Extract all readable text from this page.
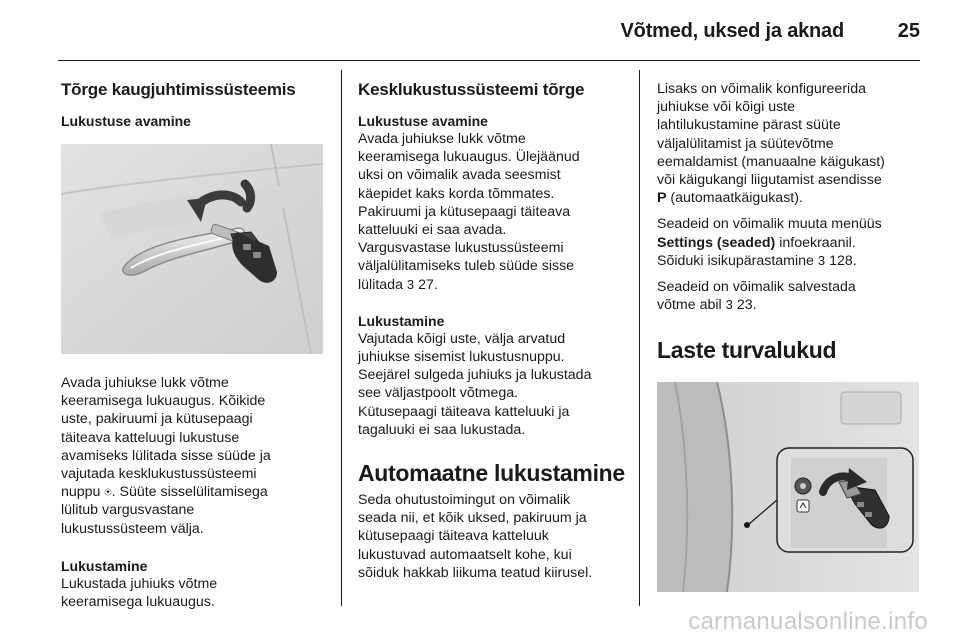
Võtmed, uksed ja aknad	25
Tõrge kaugjuhtimissüsteemis
Lukustuse avamine

Avada juhiukse lukk võtme
keeramisega lukuaugus. Kõikide
uste, pakiruumi ja kütusepaagi
täiteava katteluugi lukustuse
avamiseks lülitada sisse süüde ja
vajutada kesklukustussüsteemi
nuppu ⍟. Süüte sisselülitamisega
lülitub vargusvastane
lukustussüsteem välja.

Lukustamine

Lukustada juhiuks võtme
keeramisega lukuaugus.

Kesklukustussüsteemi tõrge
Lukustuse avamine

Avada juhiukse lukk võtme
keeramisega lukuaugus. Ülejäänud
uksi on võimalik avada seesmist
käepidet kaks korda tõmmates.
Pakiruumi ja kütusepaagi täiteava
katteluuki ei saa avada.
Vargusvastase lukustussüsteemi
väljalülitamiseks tuleb süüde sisse
lülitada 3 27.

Lukustamine

Vajutada kõigi uste, välja arvatud
juhiukse sisemist lukustusnuppu.
Seejärel sulgeda juhiuks ja lukustada
see väljastpoolt võtmega.
Kütusepaagi täiteava katteluuki ja
tagaluuki ei saa lukustada.

Automaatne lukustamine

Seda ohutustoimingut on võimalik
seada nii, et kõik uksed, pakiruum ja
kütusepaagi täiteava katteluuk
lukustuvad automaatselt kohe, kui
sõiduk hakkab liikuma teatud kiirusel.

Lisaks on võimalik konfigureerida
juhiukse või kõigi uste
lahtilukustamine pärast süüte
väljalülitamist ja süütevõtme
eemaldamist (manuaalne käigukast)
või käigukangi liigutamist asendisse
P (automaatkäigukast).

Seadeid on võimalik muuta menüüs
Settings (seaded) infoekraanil.
Sõiduki isikupärastamine 3 128.

Seadeid on võimalik salvestada
võtme abil 3 23.

Laste turvalukud
carmanualsonline.info
